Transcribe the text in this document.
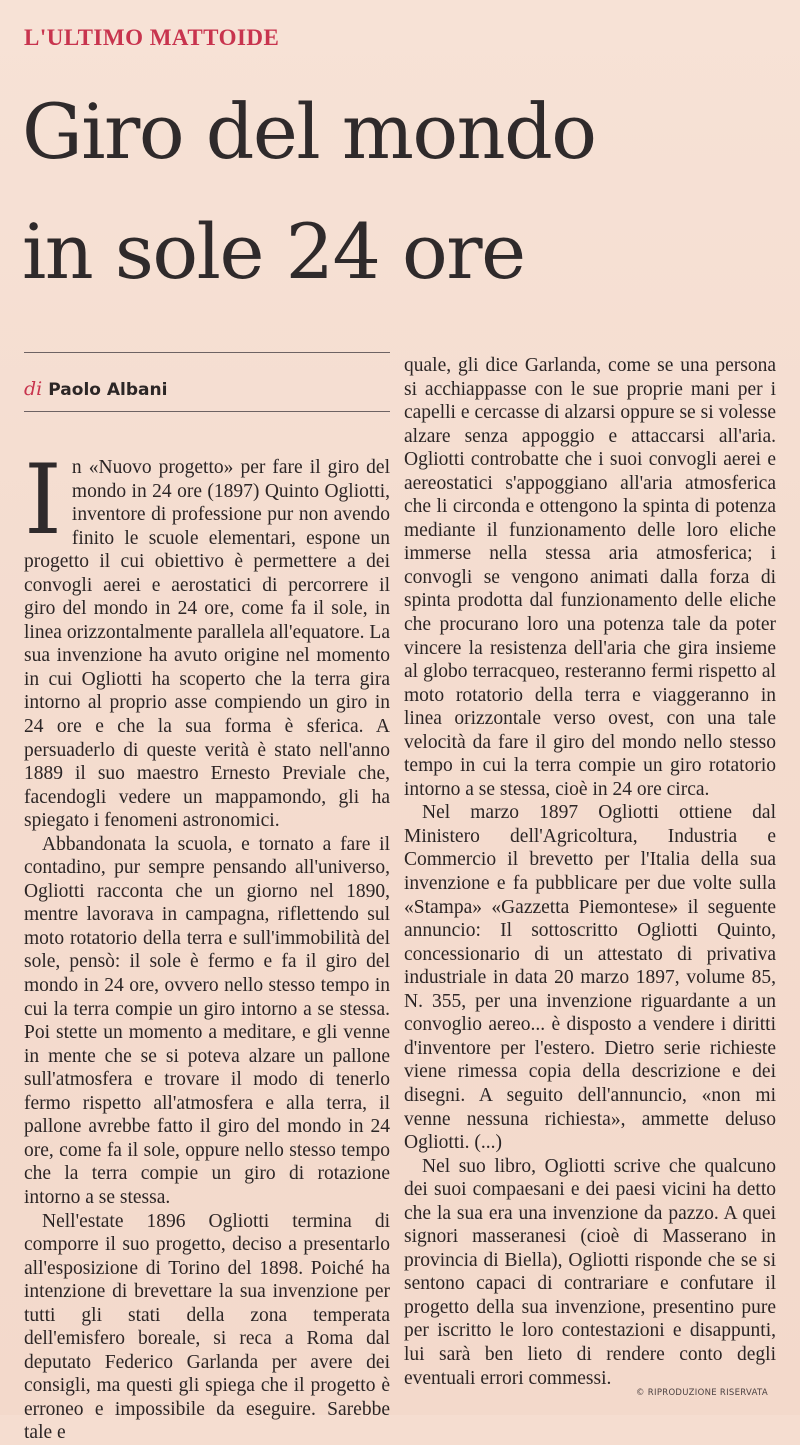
L'ULTIMO MATTOIDE
Giro del mondo
in sole 24 ore
di Paolo Albani

In «Nuovo progetto» per fare il giro del mondo in 24 ore (1897) Quinto Ogliotti, inventore di professione pur non avendo finito le scuole elementari, espone un progetto il cui obiettivo è permettere a dei convogli aerei e aerostatici di percorrere il giro del mondo in 24 ore, come fa il sole, in linea orizzontalmente parallela all'equatore. La sua invenzione ha avuto origine nel momento in cui Ogliotti ha scoperto che la terra gira intorno al proprio asse compiendo un giro in 24 ore e che la sua forma è sferica. A persuaderlo di queste verità è stato nell'anno 1889 il suo maestro Ernesto Previale che, facendogli vedere un mappamondo, gli ha spiegato i fenomeni astronomici.

Abbandonata la scuola, e tornato a fare il contadino, pur sempre pensando all'universo, Ogliotti racconta che un giorno nel 1890, mentre lavorava in campagna, riflettendo sul moto rotatorio della terra e sull'immobilità del sole, pensò: il sole è fermo e fa il giro del mondo in 24 ore, ovvero nello stesso tempo in cui la terra compie un giro intorno a se stessa. Poi stette un momento a meditare, e gli venne in mente che se si poteva alzare un pallone sull'atmosfera e trovare il modo di tenerlo fermo rispetto all'atmosfera e alla terra, il pallone avrebbe fatto il giro del mondo in 24 ore, come fa il sole, oppure nello stesso tempo che la terra compie un giro di rotazione intorno a se stessa.

Nell'estate 1896 Ogliotti termina di comporre il suo progetto, deciso a presentarlo all'esposizione di Torino del 1898. Poiché ha intenzione di brevettare la sua invenzione per tutti gli stati della zona temperata dell'emisfero boreale, si reca a Roma dal deputato Federico Garlanda per avere dei consigli, ma questi gli spiega che il progetto è erroneo e impossibile da eseguire. Sarebbe tale e

quale, gli dice Garlanda, come se una persona si acchiappasse con le sue proprie mani per i capelli e cercasse di alzarsi oppure se si volesse alzare senza appoggio e attaccarsi all'aria. Ogliotti controbatte che i suoi convogli aerei e aereostatici s'appoggiano all'aria atmosferica che li circonda e ottengono la spinta di potenza mediante il funzionamento delle loro eliche immerse nella stessa aria atmosferica; i convogli se vengono animati dalla forza di spinta prodotta dal funzionamento delle eliche che procurano loro una potenza tale da poter vincere la resistenza dell'aria che gira insieme al globo terracqueo, resteranno fermi rispetto al moto rotatorio della terra e viaggeranno in linea orizzontale verso ovest, con una tale velocità da fare il giro del mondo nello stesso tempo in cui la terra compie un giro rotatorio intorno a se stessa, cioè in 24 ore circa.

Nel marzo 1897 Ogliotti ottiene dal Ministero dell'Agricoltura, Industria e Commercio il brevetto per l'Italia della sua invenzione e fa pubblicare per due volte sulla «Stampa» «Gazzetta Piemontese» il seguente annuncio: Il sottoscritto Ogliotti Quinto, concessionario di un attestato di privativa industriale in data 20 marzo 1897, volume 85, N. 355, per una invenzione riguardante a un convoglio aereo... è disposto a vendere i diritti d'inventore per l'estero. Dietro serie richieste viene rimessa copia della descrizione e dei disegni. A seguito dell'annuncio, «non mi venne nessuna richiesta», ammette deluso Ogliotti. (...)

Nel suo libro, Ogliotti scrive che qualcuno dei suoi compaesani e dei paesi vicini ha detto che la sua era una invenzione da pazzo. A quei signori masseranesi (cioè di Masserano in provincia di Biella), Ogliotti risponde che se si sentono capaci di contrariare e confutare il progetto della sua invenzione, presentino pure per iscritto le loro contestazioni e disappunti, lui sarà ben lieto di rendere conto degli eventuali errori commessi.

© RIPRODUZIONE RISERVATA
